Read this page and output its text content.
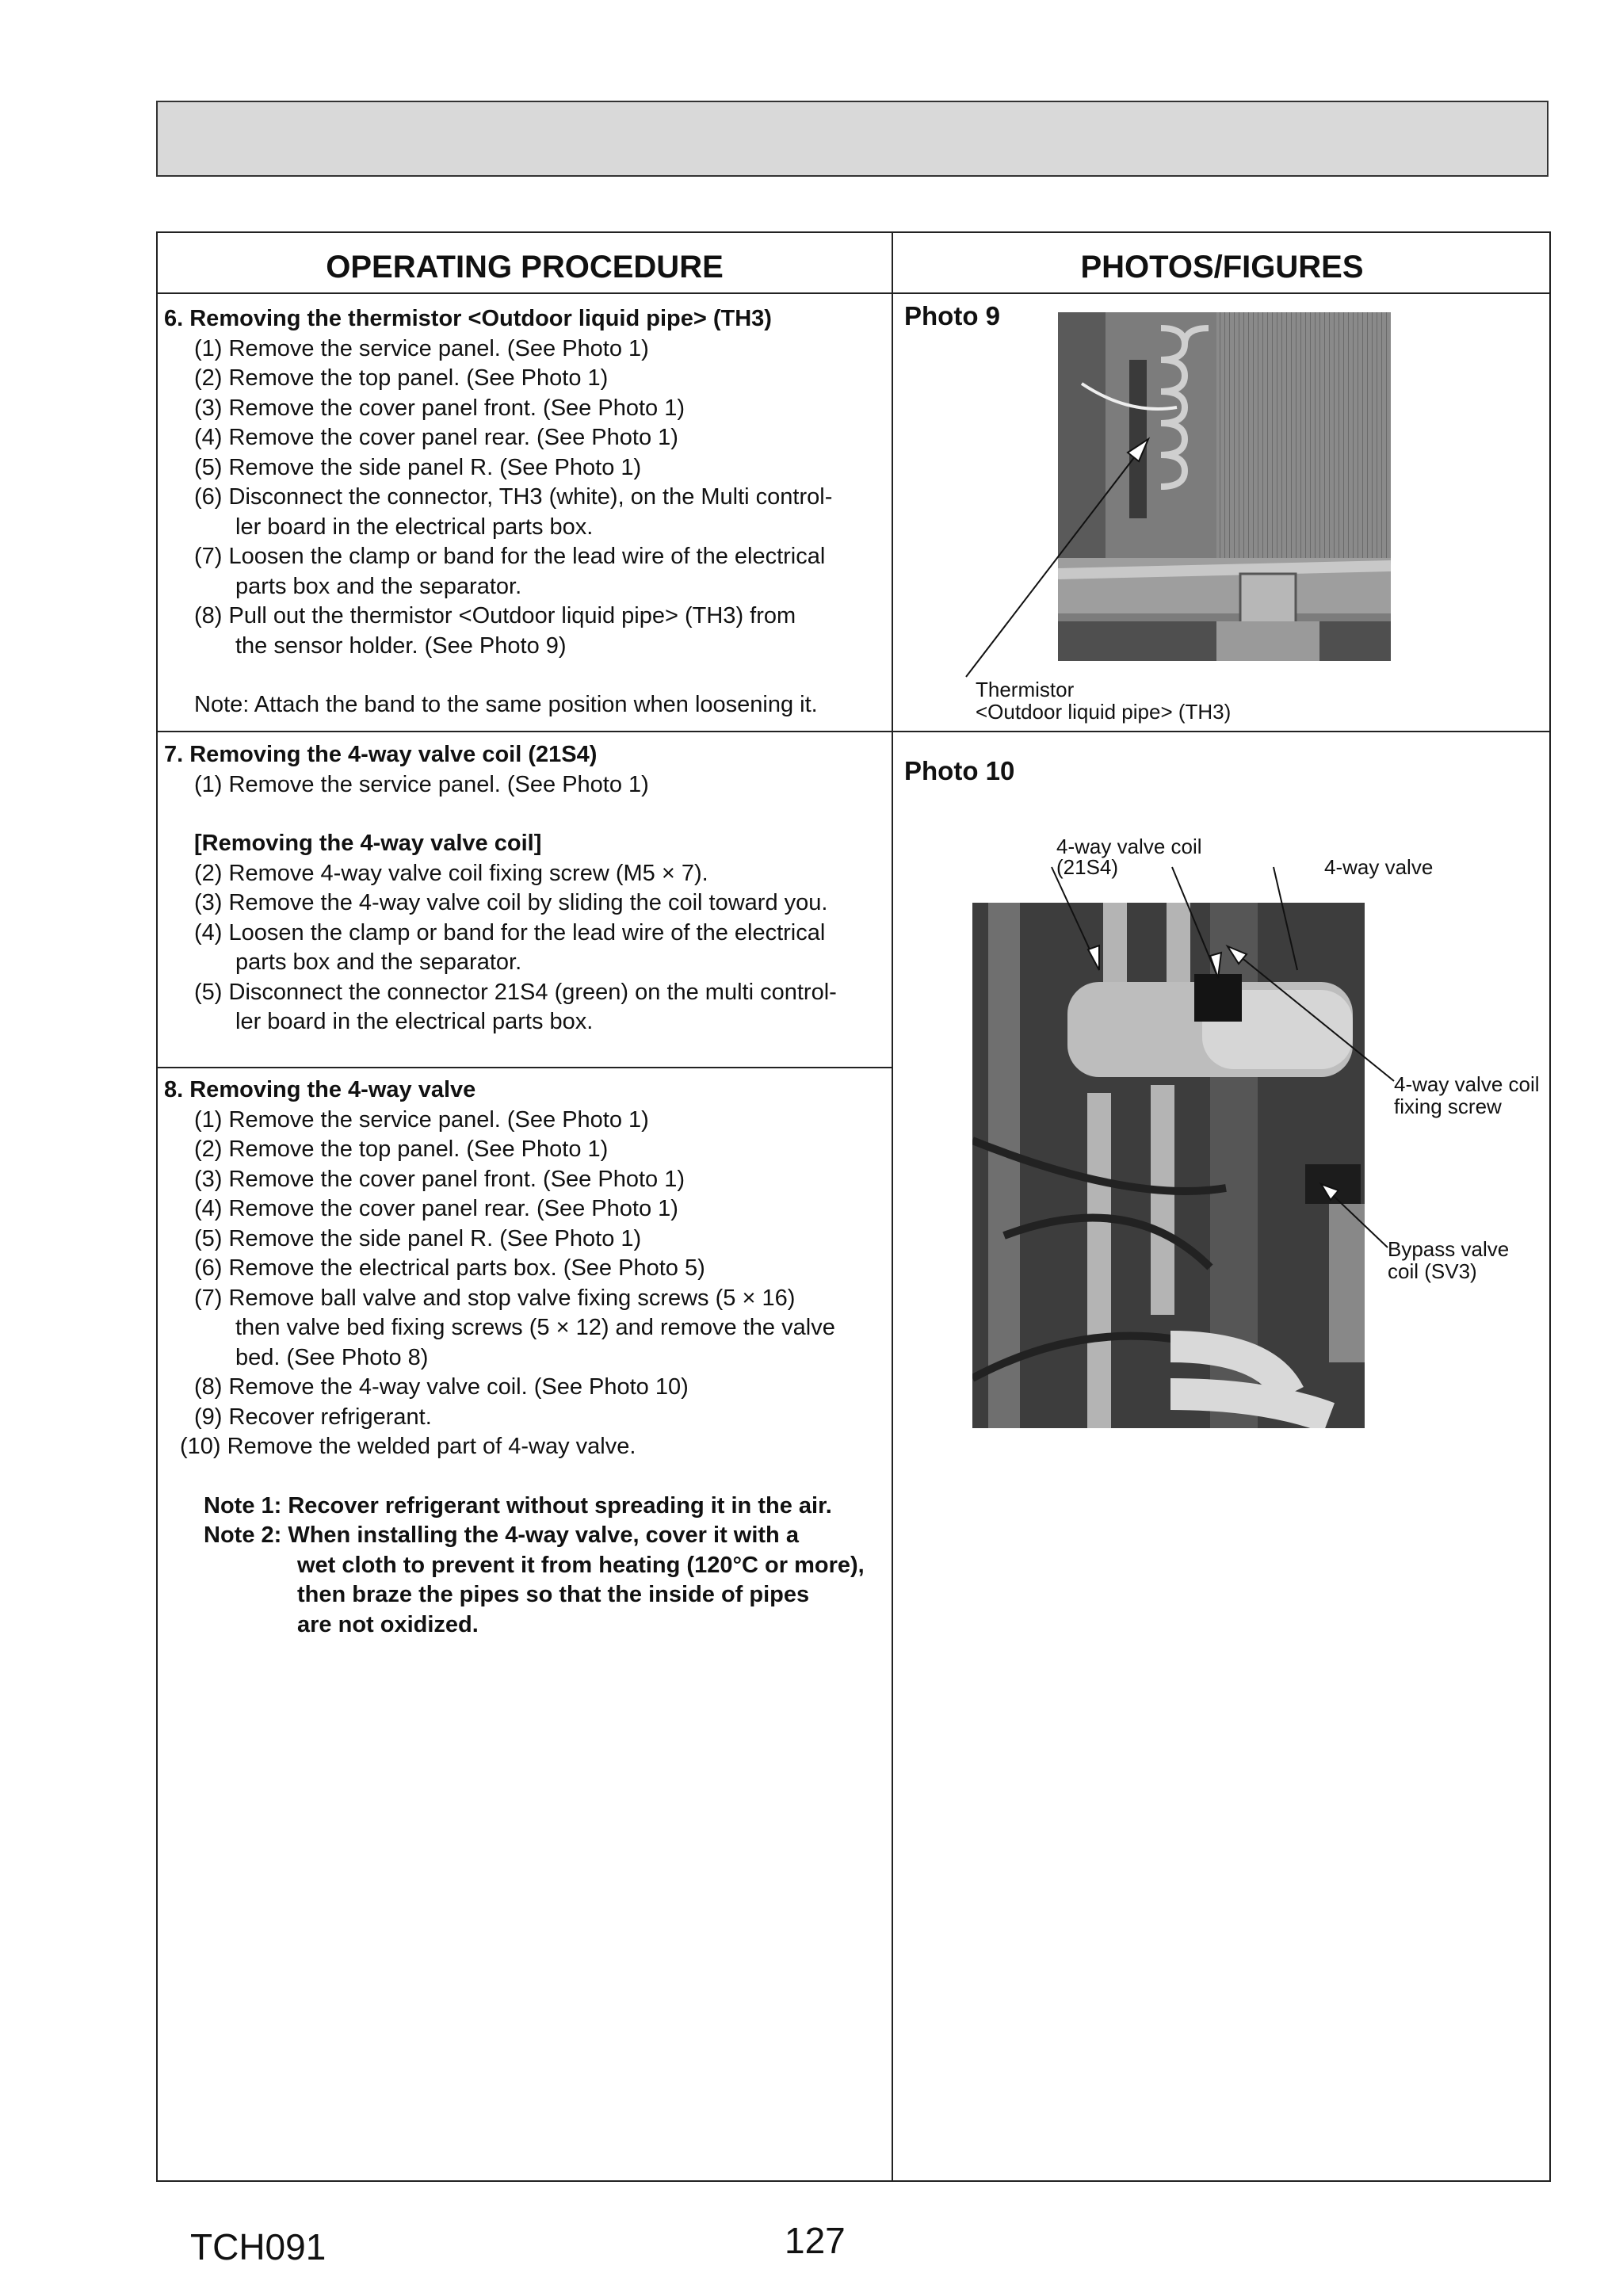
OPERATING PROCEDURE	PHOTOS/FIGURES
6. Removing the thermistor <Outdoor liquid pipe> (TH3)
(1) Remove the service panel. (See Photo 1)
(2) Remove the top panel. (See Photo 1)
(3) Remove the cover panel front. (See Photo 1)
(4) Remove the cover panel rear. (See Photo 1)
(5) Remove the side panel R. (See Photo 1)
(6) Disconnect the connector, TH3 (white), on the Multi control-
ler board in the electrical parts box.
(7) Loosen the clamp or band for the lead wire of the electrical
parts box and the separator.
(8) Pull out the thermistor <Outdoor liquid pipe> (TH3) from
the sensor holder. (See Photo 9)
Note: Attach the band to the same position when loosening it.
7. Removing the 4-way valve coil (21S4)
(1) Remove the service panel. (See Photo 1)
[Removing the 4-way valve coil]
(2) Remove 4-way valve coil fixing screw (M5 × 7).
(3) Remove the 4-way valve coil by sliding the coil toward you.
(4) Loosen the clamp or band for the lead wire of the electrical
parts box and the separator.
(5) Disconnect the connector 21S4 (green) on the multi control-
ler board in the electrical parts box.
8. Removing the 4-way valve
(1) Remove the service panel. (See Photo 1)
(2) Remove the top panel. (See Photo 1)
(3) Remove the cover panel front. (See Photo 1)
(4) Remove the cover panel rear. (See Photo 1)
(5) Remove the side panel R. (See Photo 1)
(6) Remove the electrical parts box. (See Photo 5)
(7) Remove ball valve and stop valve fixing screws (5 × 16)
then valve bed fixing screws (5 × 12) and remove the valve
bed. (See Photo 8)
(8) Remove the 4-way valve coil. (See Photo 10)
(9) Recover refrigerant.
(10) Remove the welded part of 4-way valve.
Note 1: Recover refrigerant without spreading it in the air.
Note 2: When installing the 4-way valve, cover it with a
wet cloth to prevent it from heating (120°C or more),
then braze the pipes so that the inside of pipes
are not oxidized.
Photo 9
Thermistor
<Outdoor liquid pipe> (TH3)
Photo 10
4-way valve coil
(21S4)	4-way valve
4-way valve coil
fixing screw
Bypass valve
coil (SV3)
TCH091	127
